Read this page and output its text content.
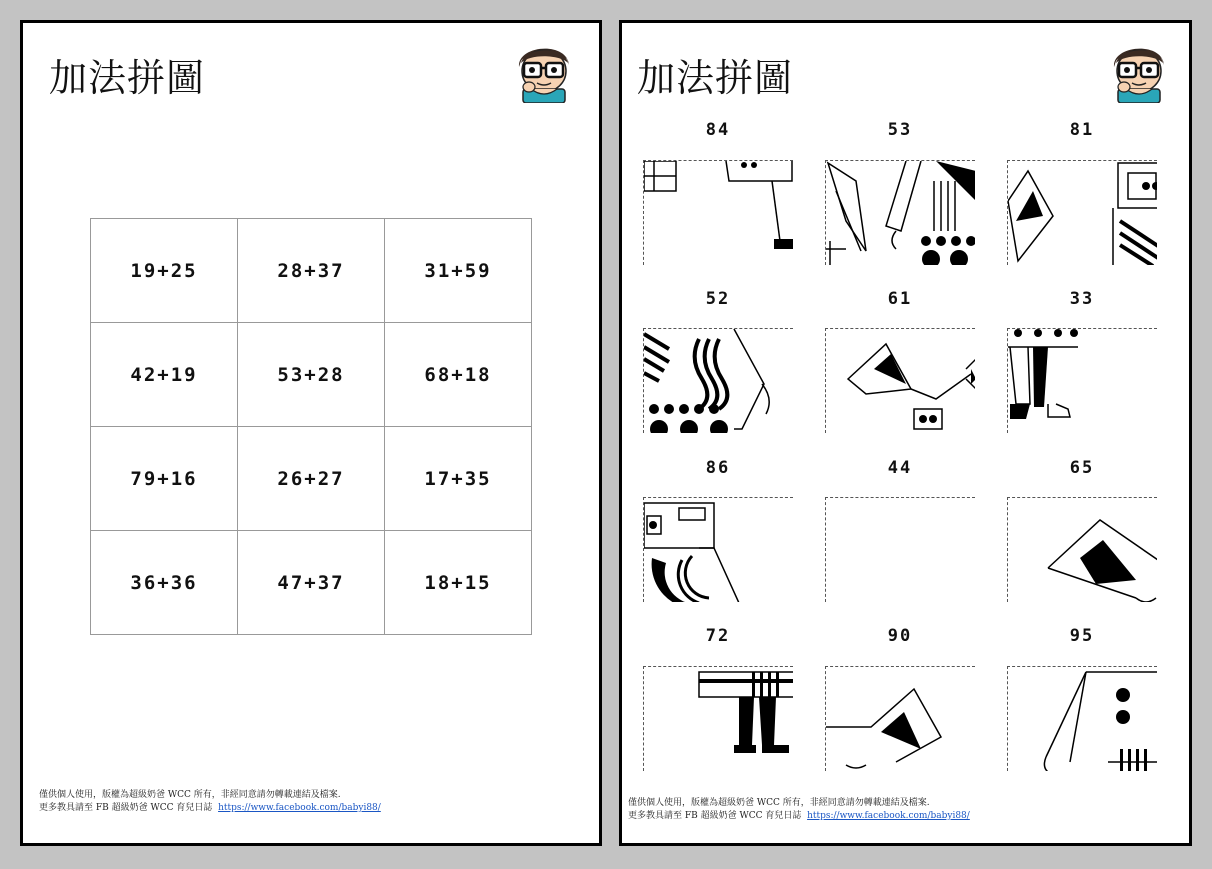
加法拼圖
19+25	28+37	31+59
42+19	53+28	68+18
79+16	26+27	17+35
36+36	47+37	18+15
僅供個人使用，版權為超級奶爸 WCC 所有，非經同意請勿轉載連結及檔案.
更多教具請至 FB 超級奶爸 WCC 育兒日誌 https://www.facebook.com/babyi88/
加法拼圖
84	53	81
52	61	33
86	44	65
72	90	95
僅供個人使用，版權為超級奶爸 WCC 所有，非經同意請勿轉載連結及檔案.
更多教具請至 FB 超級奶爸 WCC 育兒日誌 https://www.facebook.com/babyi88/
